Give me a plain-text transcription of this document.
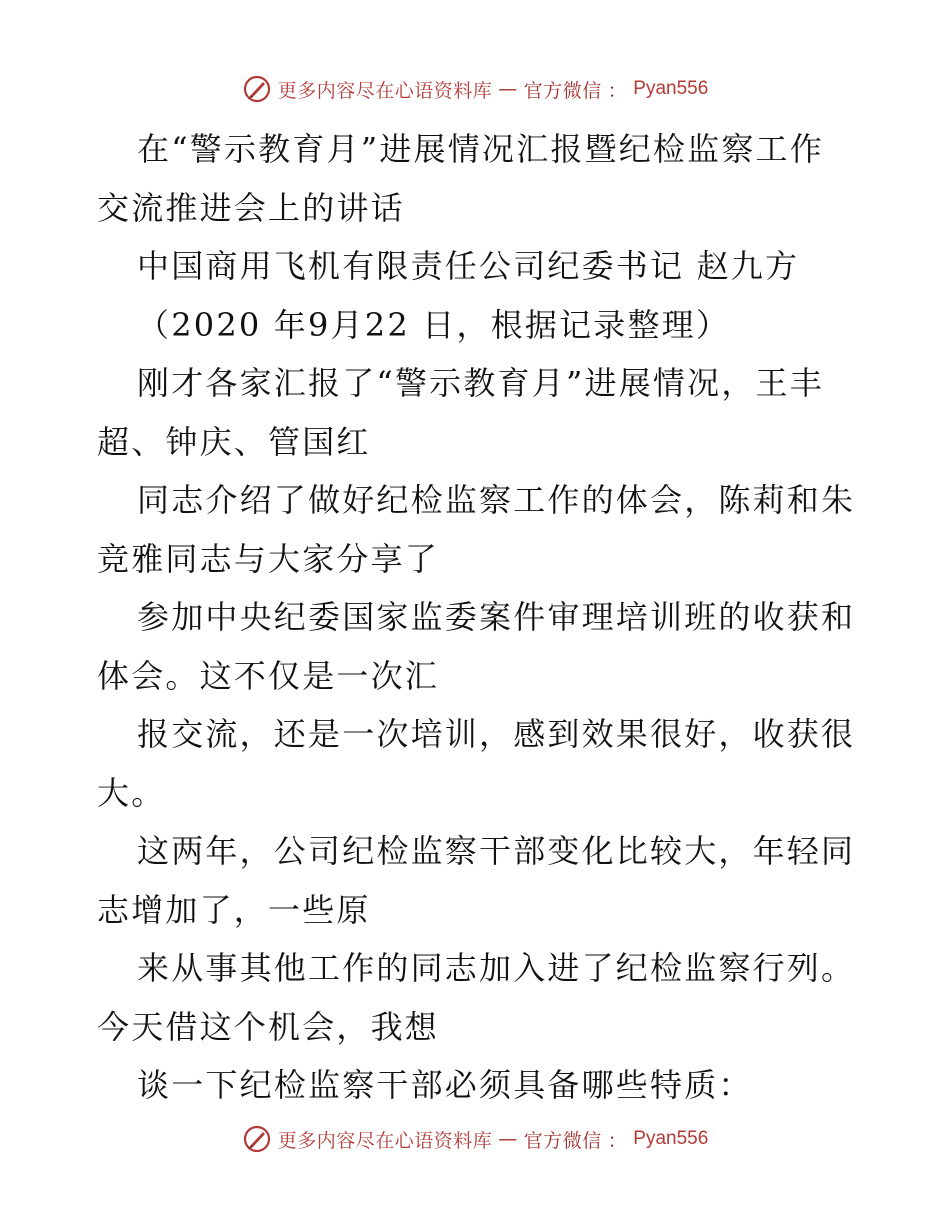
更多内容尽在心语资料库 — 官方微信 ： Pyan556

在“警示教育月”进展情况汇报暨纪检监察工作交流推进会上的讲话

中国商用飞机有限责任公司纪委书记 赵九方

（2020 年9月22 日，根据记录整理）

刚才各家汇报了“警示教育月”进展情况，王丰超、钟庆、管国红

同志介绍了做好纪检监察工作的体会，陈莉和朱竞雅同志与大家分享了

参加中央纪委国家监委案件审理培训班的收获和体会。这不仅是一次汇

报交流，还是一次培训，感到效果很好，收获很大。

这两年，公司纪检监察干部变化比较大，年轻同志增加了，一些原

来从事其他工作的同志加入进了纪检监察行列。今天借这个机会，我想

谈一下纪检监察干部必须具备哪些特质：

更多内容尽在心语资料库 — 官方微信 ： Pyan556
